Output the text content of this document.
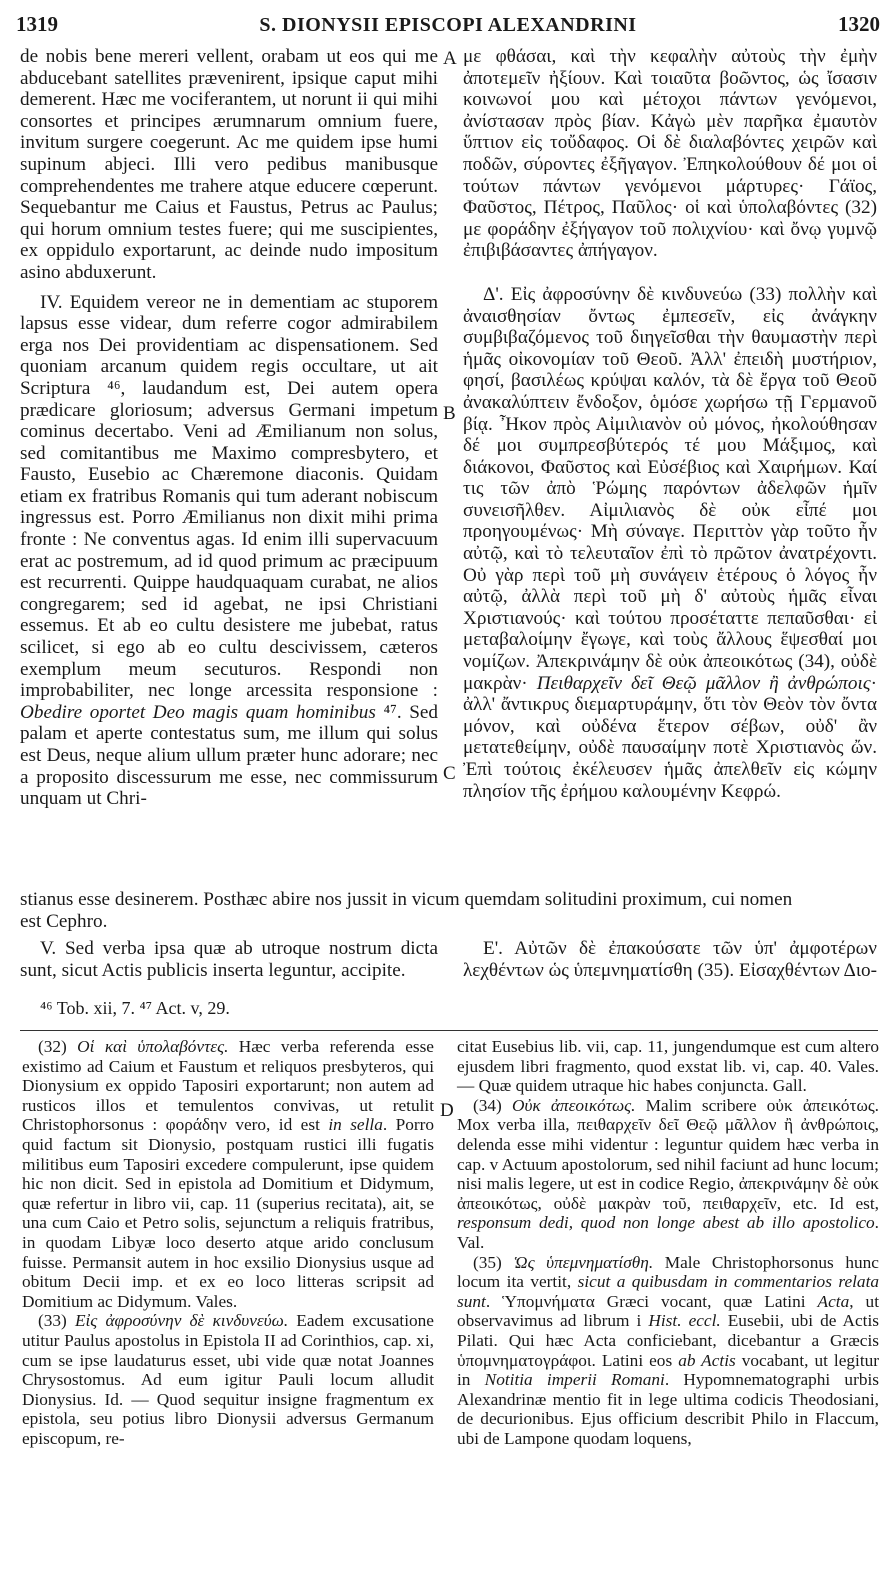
1319	S. DIONYSII EPISCOPI ALEXANDRINI	1320

de nobis bene mereri vellent, orabam ut eos qui me abducebant satellites prævenirent, ipsique caput mihi demerent. Hæc me vociferantem, ut norunt ii qui mihi consortes et principes ærumnarum omnium fuere, invitum surgere coegerunt. Ac me quidem ipse humi supinum abjeci. Illi vero pedibus manibusque comprehendentes me trahere atque educere cœperunt. Sequebantur me Caius et Faustus, Petrus ac Paulus; qui horum omnium testes fuere; qui me suscipientes, ex oppidulo exportarunt, ac deinde nudo impositum asino abduxerunt.

IV. Equidem vereor ne in dementiam ac stuporem lapsus esse videar, dum referre cogor admirabilem erga nos Dei providentiam ac dispensationem. Sed quoniam arcanum quidem regis occultare, ut ait Scriptura ⁴⁶, laudandum est, Dei autem opera prædicare gloriosum; adversus Germani impetum cominus decertabo. Veni ad Æmilianum non solus, sed comitantibus me Maximo compresbytero, et Fausto, Eusebio ac Chæremone diaconis. Quidam etiam ex fratribus Romanis qui tum aderant nobiscum ingressus est. Porro Æmilianus non dixit mihi prima fronte : Ne conventus agas. Id enim illi supervacuum erat ac postremum, ad id quod primum ac præcipuum est recurrenti. Quippe haudquaquam curabat, ne alios congregarem; sed id agebat, ne ipsi Christiani essemus. Et ab eo cultu desistere me jubebat, ratus scilicet, si ego ab eo cultu descivissem, cæteros exemplum meum secuturos. Respondi non improbabiliter, nec longe arcessita responsione : Obedire oportet Deo magis quam hominibus ⁴⁷. Sed palam et aperte contestatus sum, me illum qui solus est Deus, neque alium ullum præter hunc adorare; nec a proposito discessurum me esse, nec commissurum unquam ut Chri-

με φθάσαι, καὶ τὴν κεφαλὴν αὐτοὺς τὴν ἐμὴν ἀποτεμεῖν ἠξίουν. Καὶ τοιαῦτα βοῶντος, ὡς ἴσασιν κοινωνοί μου καὶ μέτοχοι πάντων γενόμενοι, ἀνίστασαν πρὸς βίαν. Κἀγὼ μὲν παρῆκα ἐμαυτὸν ὕπτιον εἰς τοὔδαφος. Οἱ δὲ διαλαβόντες χειρῶν καὶ ποδῶν, σύροντες ἐξῆγαγον. Ἐπηκολούθουν δέ μοι οἱ τούτων πάντων γενόμενοι μάρτυρες· Γάϊος, Φαῦστος, Πέτρος, Παῦλος· οἱ καὶ ὑπολαβόντες (32) με φοράδην ἐξήγαγον τοῦ πολιχνίου· καὶ ὄνῳ γυμνῷ ἐπιβιβάσαντες ἀπήγαγον.

Δ'. Εἰς ἀφροσύνην δὲ κινδυνεύω (33) πολλὴν καὶ ἀναισθησίαν ὄντως ἐμπεσεῖν, εἰς ἀνάγκην συμβιβαζόμενος τοῦ διηγεῖσθαι τὴν θαυμαστὴν περὶ ἡμᾶς οἰκονομίαν τοῦ Θεοῦ. Ἀλλ' ἐπειδὴ μυστήριον, φησί, βασιλέως κρύψαι καλόν, τὰ δὲ ἔργα τοῦ Θεοῦ ἀνακαλύπτειν ἔνδοξον, ὁμόσε χωρήσω τῇ Γερμανοῦ βίᾳ. Ἦκον πρὸς Αἰμιλιανὸν οὐ μόνος, ἠκολούθησαν δέ μοι συμπρεσβύτερός τέ μου Μάξιμος, καὶ διάκονοι, Φαῦστος καὶ Εὐσέβιος καὶ Χαιρήμων. Καί τις τῶν ἀπὸ Ῥώμης παρόντων ἀδελφῶν ἡμῖν συνεισῆλθεν. Αἰμιλιανὸς δὲ οὐκ εἶπέ μοι προηγουμένως· Μὴ σύναγε. Περιττὸν γὰρ τοῦτο ἦν αὐτῷ, καὶ τὸ τελευταῖον ἐπὶ τὸ πρῶτον ἀνατρέχοντι. Οὐ γὰρ περὶ τοῦ μὴ συνάγειν ἑτέρους ὁ λόγος ἦν αὐτῷ, ἀλλὰ περὶ τοῦ μὴ δ' αὐτοὺς ἡμᾶς εἶναι Χριστιανούς· καὶ τούτου προσέταττε πεπαῦσθαι· εἰ μεταβαλοίμην ἔγωγε, καὶ τοὺς ἄλλους ἕψεσθαί μοι νομίζων. Ἀπεκρινάμην δὲ οὐκ ἀπεοικότως (34), οὐδὲ μακρὰν· Πειθαρχεῖν δεῖ Θεῷ μᾶλλον ἢ ἀνθρώποις· ἀλλ' ἄντικρυς διεμαρτυράμην, ὅτι τὸν Θεὸν τὸν ὄντα μόνον, καὶ οὐδένα ἕτερον σέβων, οὐδ' ἂν μετατεθείμην, οὐδὲ παυσαίμην ποτὲ Χριστιανὸς ὤν. Ἐπὶ τούτοις ἐκέλευσεν ἡμᾶς ἀπελθεῖν εἰς κώμην πλησίον τῆς ἐρήμου καλουμένην Κεφρώ.

A
B
C
D
stianus esse desinerem. Posthæc abire nos jussit in vicum quemdam solitudini proximum, cui nomen
est Cephro.

V. Sed verba ipsa quæ ab utroque nostrum dicta sunt, sicut Actis publicis inserta leguntur, accipite.

Ε'. Αὐτῶν δὲ ἐπακούσατε τῶν ὑπ' ἀμφοτέρων λεχθέντων ὡς ὑπεμνηματίσθη (35). Εἰσαχθέντων Διο-

⁴⁶ Tob. xii, 7. ⁴⁷ Act. v, 29.

(32) Οἱ καὶ ὑπολαβόντες. Hæc verba referenda esse existimo ad Caium et Faustum et reliquos presbyteros, qui Dionysium ex oppido Taposiri exportarunt; non autem ad rusticos illos et temulentos convivas, ut retulit Christophorsonus : φοράδην vero, id est in sella. Porro quid factum sit Dionysio, postquam rustici illi fugatis militibus eum Taposiri excedere compulerunt, ipse quidem hic non dicit. Sed in epistola ad Domitium et Didymum, quæ refertur in libro vii, cap. 11 (superius recitata), ait, se una cum Caio et Petro solis, sejunctum a reliquis fratribus, in quodam Libyæ loco deserto atque arido conclusum fuisse. Permansit autem in hoc exsilio Dionysius usque ad obitum Decii imp. et ex eo loco litteras scripsit ad Domitium ac Didymum. Vales.

(33) Εἰς ἀφροσύνην δὲ κινδυνεύω. Eadem excusatione utitur Paulus apostolus in Epistola II ad Corinthios, cap. xi, cum se ipse laudaturus esset, ubi vide quæ notat Joannes Chrysostomus. Ad eum igitur Pauli locum alludit Dionysius. Id. — Quod sequitur insigne fragmentum ex epistola, seu potius libro Dionysii adversus Germanum episcopum, re-

citat Eusebius lib. vii, cap. 11, jungendumque est cum altero ejusdem libri fragmento, quod exstat lib. vi, cap. 40. Vales. — Quæ quidem utraque hic habes conjuncta. Gall.

(34) Οὐκ ἀπεοικότως. Malim scribere οὐκ ἀπεικότως. Mox verba illa, πειθαρχεῖν δεῖ Θεῷ μᾶλλον ἢ ἀνθρώποις, delenda esse mihi videntur : leguntur quidem hæc verba in cap. v Actuum apostolorum, sed nihil faciunt ad hunc locum; nisi malis legere, ut est in codice Regio, ἀπεκρινάμην δὲ οὐκ ἀπεοικότως, οὐδὲ μακρὰν τοῦ, πειθαρχεῖν, etc. Id est, responsum dedi, quod non longe abest ab illo apostolico. Val.

(35) Ὡς ὑπεμνηματίσθη. Male Christophorsonus hunc locum ita vertit, sicut a quibusdam in commentarios relata sunt. Ὑπομνήματα Græci vocant, quæ Latini Acta, ut observavimus ad librum i Hist. eccl. Eusebii, ubi de Actis Pilati. Qui hæc Acta conficiebant, dicebantur a Græcis ὑπομνηματογράφοι. Latini eos ab Actis vocabant, ut legitur in Notitia imperii Romani. Hypomnematographi urbis Alexandrinæ mentio fit in lege ultima codicis Theodosiani, de decurionibus. Ejus officium describit Philo in Flaccum, ubi de Lampone quodam loquens,
